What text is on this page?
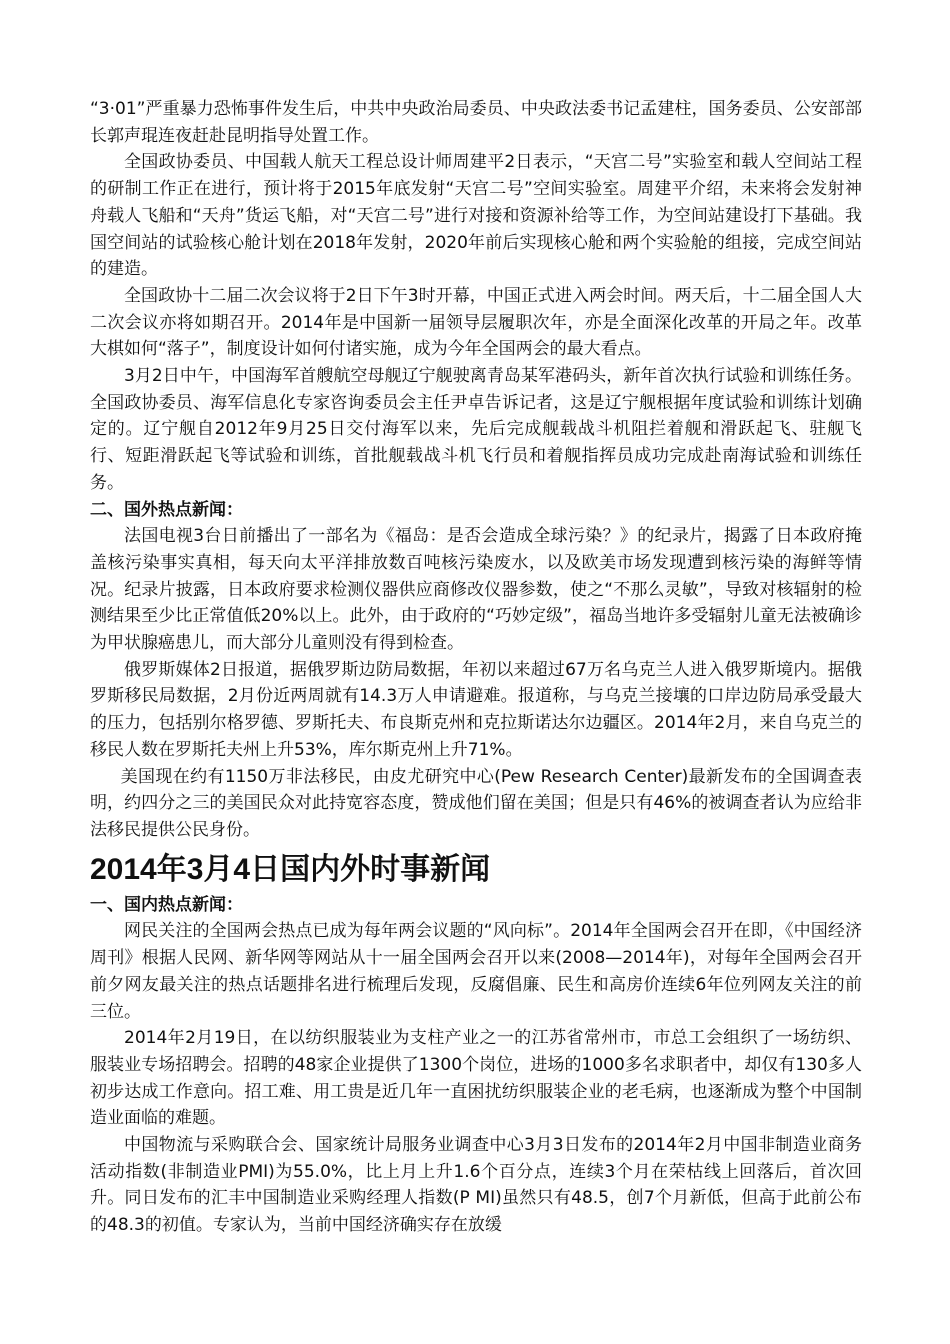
“3·01”严重暴力恐怖事件发生后，中共中央政治局委员、中央政法委书记孟建柱，国务委员、公安部部长郭声琨连夜赶赴昆明指导处置工作。

全国政协委员、中国载人航天工程总设计师周建平2日表示，“天宫二号”实验室和载人空间站工程的研制工作正在进行，预计将于2015年底发射“天宫二号”空间实验室。周建平介绍，未来将会发射神舟载人飞船和“天舟”货运飞船，对“天宫二号”进行对接和资源补给等工作，为空间站建设打下基础。我国空间站的试验核心舱计划在2018年发射，2020年前后实现核心舱和两个实验舱的组接，完成空间站的建造。

全国政协十二届二次会议将于2日下午3时开幕，中国正式进入两会时间。两天后，十二届全国人大二次会议亦将如期召开。2014年是中国新一届领导层履职次年，亦是全面深化改革的开局之年。改革大棋如何“落子”，制度设计如何付诸实施，成为今年全国两会的最大看点。

3月2日中午，中国海军首艘航空母舰辽宁舰驶离青岛某军港码头，新年首次执行试验和训练任务。全国政协委员、海军信息化专家咨询委员会主任尹卓告诉记者，这是辽宁舰根据年度试验和训练计划确定的。辽宁舰自2012年9月25日交付海军以来，先后完成舰载战斗机阻拦着舰和滑跃起飞、驻舰飞行、短距滑跃起飞等试验和训练，首批舰载战斗机飞行员和着舰指挥员成功完成赴南海试验和训练任务。

二、国外热点新闻：

法国电视3台日前播出了一部名为《福岛：是否会造成全球污染？》的纪录片，揭露了日本政府掩盖核污染事实真相，每天向太平洋排放数百吨核污染废水，以及欧美市场发现遭到核污染的海鲜等情况。纪录片披露，日本政府要求检测仪器供应商修改仪器参数，使之“不那么灵敏”，导致对核辐射的检测结果至少比正常值低20%以上。此外，由于政府的“巧妙定级”，福岛当地许多受辐射儿童无法被确诊为甲状腺癌患儿，而大部分儿童则没有得到检查。

俄罗斯媒体2日报道，据俄罗斯边防局数据，年初以来超过67万名乌克兰人进入俄罗斯境内。据俄罗斯移民局数据，2月份近两周就有14.3万人申请避难。报道称，与乌克兰接壤的口岸边防局承受最大的压力，包括别尔格罗德、罗斯托夫、布良斯克州和克拉斯诺达尔边疆区。2014年2月，来自乌克兰的移民人数在罗斯托夫州上升53%，库尔斯克州上升71%。

美国现在约有1150万非法移民，由皮尤研究中心(Pew Research Center)最新发布的全国调查表明，约四分之三的美国民众对此持宽容态度，赞成他们留在美国；但是只有46%的被调查者认为应给非法移民提供公民身份。

2014年3月4日国内外时事新闻

一、国内热点新闻：

网民关注的全国两会热点已成为每年两会议题的“风向标”。2014年全国两会召开在即，《中国经济周刊》根据人民网、新华网等网站从十一届全国两会召开以来(2008—2014年)，对每年全国两会召开前夕网友最关注的热点话题排名进行梳理后发现，反腐倡廉、民生和高房价连续6年位列网友关注的前三位。

2014年2月19日，在以纺织服装业为支柱产业之一的江苏省常州市，市总工会组织了一场纺织、服装业专场招聘会。招聘的48家企业提供了1300个岗位，进场的1000多名求职者中，却仅有130多人初步达成工作意向。招工难、用工贵是近几年一直困扰纺织服装企业的老毛病，也逐渐成为整个中国制造业面临的难题。

中国物流与采购联合会、国家统计局服务业调查中心3月3日发布的2014年2月中国非制造业商务活动指数(非制造业PMI)为55.0%，比上月上升1.6个百分点，连续3个月在荣枯线上回落后，首次回升。同日发布的汇丰中国制造业采购经理人指数(P MI)虽然只有48.5，创7个月新低，但高于此前公布的48.3的初值。专家认为，当前中国经济确实存在放缓
